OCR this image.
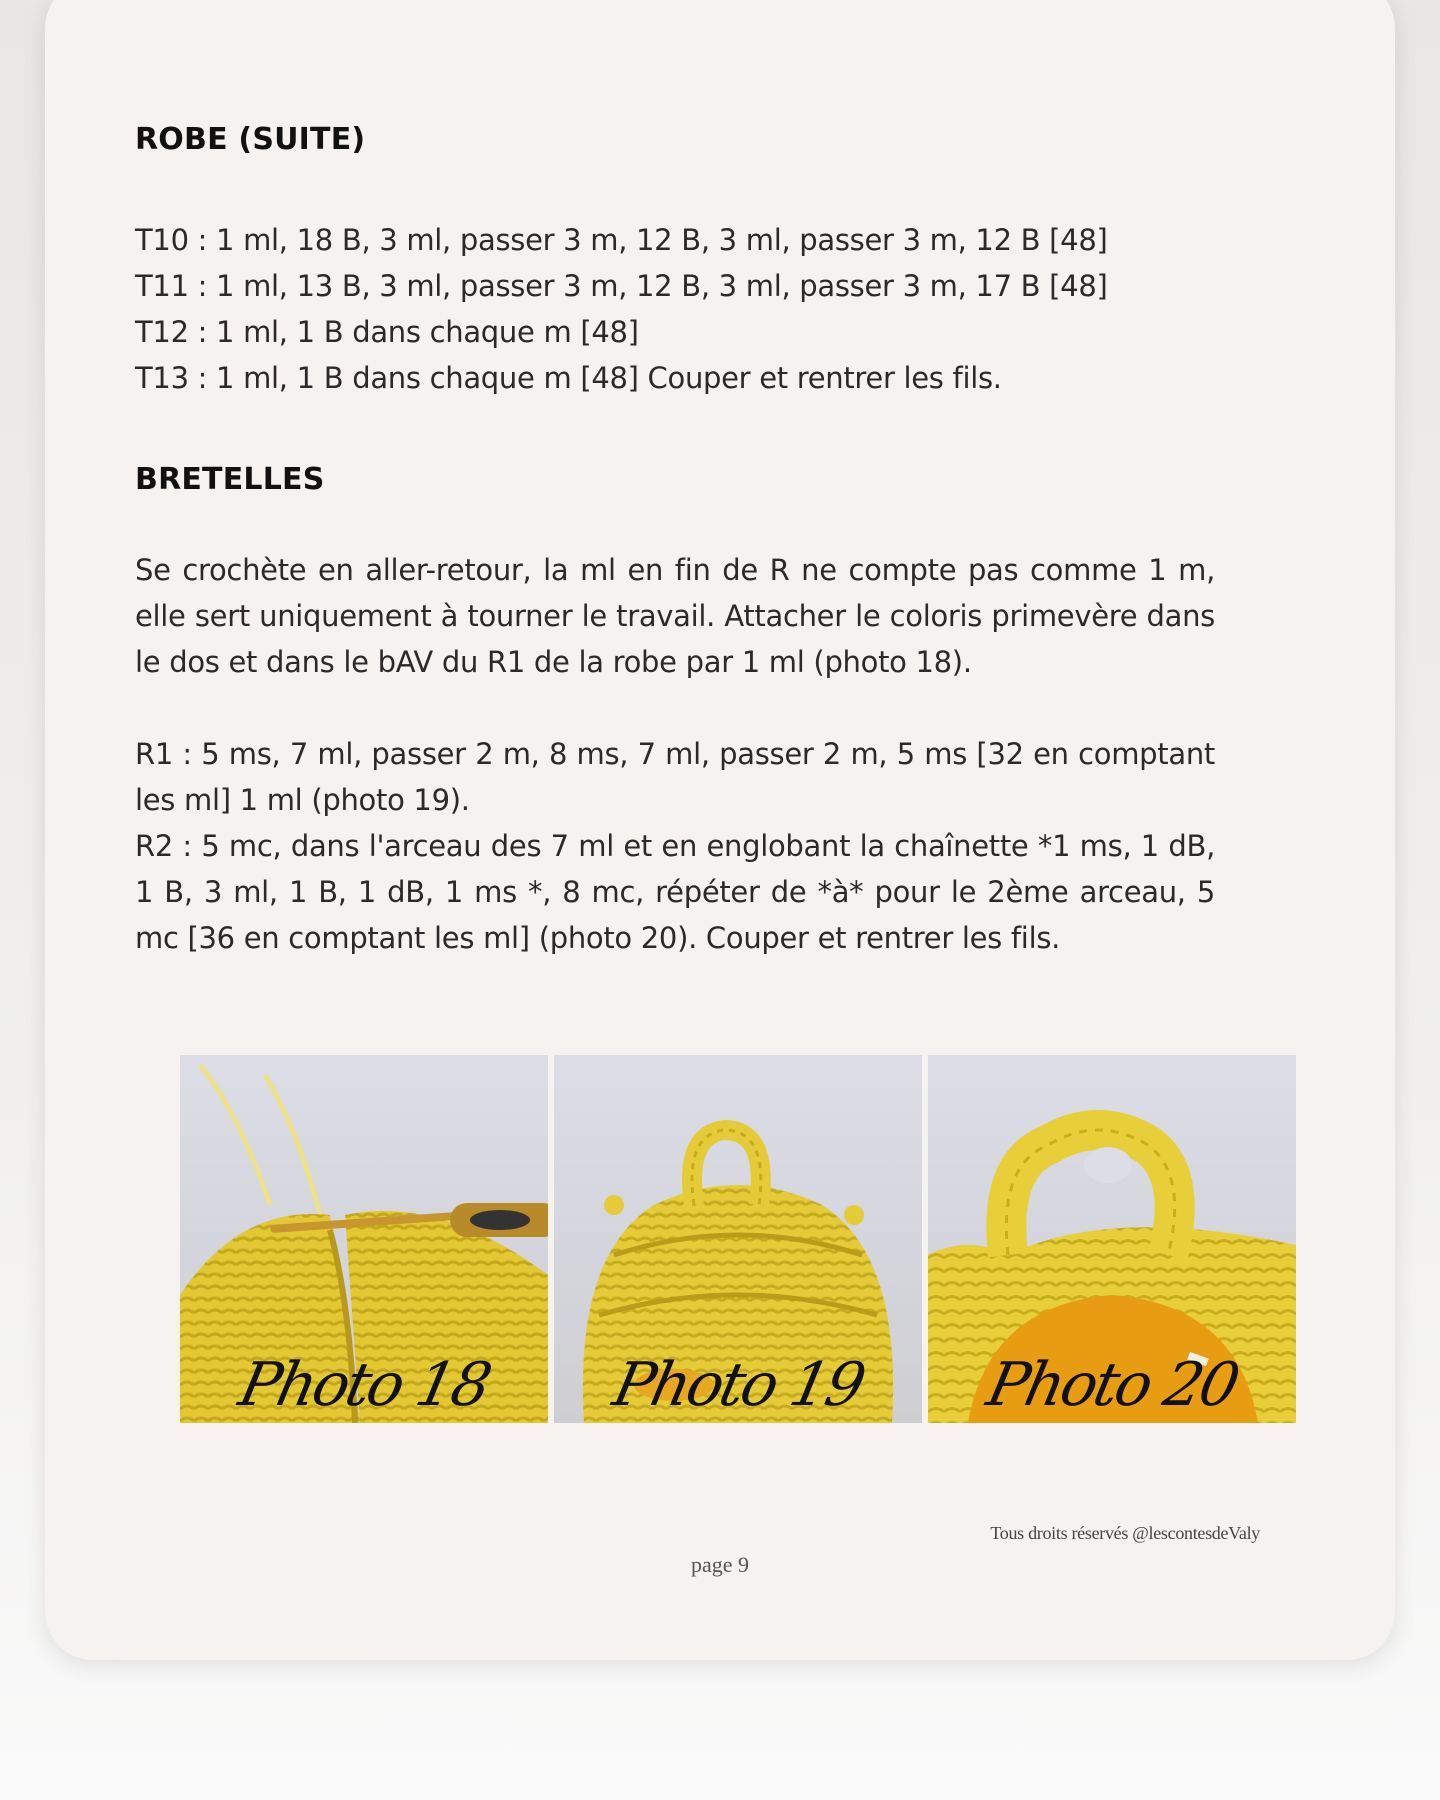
ROBE (SUITE)
T10 : 1 ml, 18 B, 3 ml, passer 3 m, 12 B, 3 ml, passer 3 m, 12 B [48]
T11 : 1 ml, 13 B, 3 ml, passer 3 m, 12 B, 3 ml, passer 3 m, 17 B [48]
T12 : 1 ml, 1 B dans chaque m [48]
T13 : 1 ml, 1 B dans chaque m [48] Couper et rentrer les fils.
BRETELLES

Se crochète en aller-retour, la ml en fin de R ne compte pas comme 1 m, elle sert uniquement à tourner le travail. Attacher le coloris primevère dans le dos et dans le bAV du R1 de la robe par 1 ml (photo 18).

R1 : 5 ms, 7 ml, passer 2 m, 8 ms, 7 ml, passer 2 m, 5 ms [32 en comptant les ml] 1 ml (photo 19).

R2 : 5 mc, dans l'arceau des 7 ml et en englobant la chaînette *1 ms, 1 dB, 1 B, 3 ml, 1 B, 1 dB, 1 ms *, 8 mc, répéter de *à* pour le 2ème arceau, 5 mc [36 en comptant les ml] (photo 20). Couper et rentrer les fils.

Photo 18	Photo 19	Photo 20
Tous droits réservés @lescontesdeValy
page 9
